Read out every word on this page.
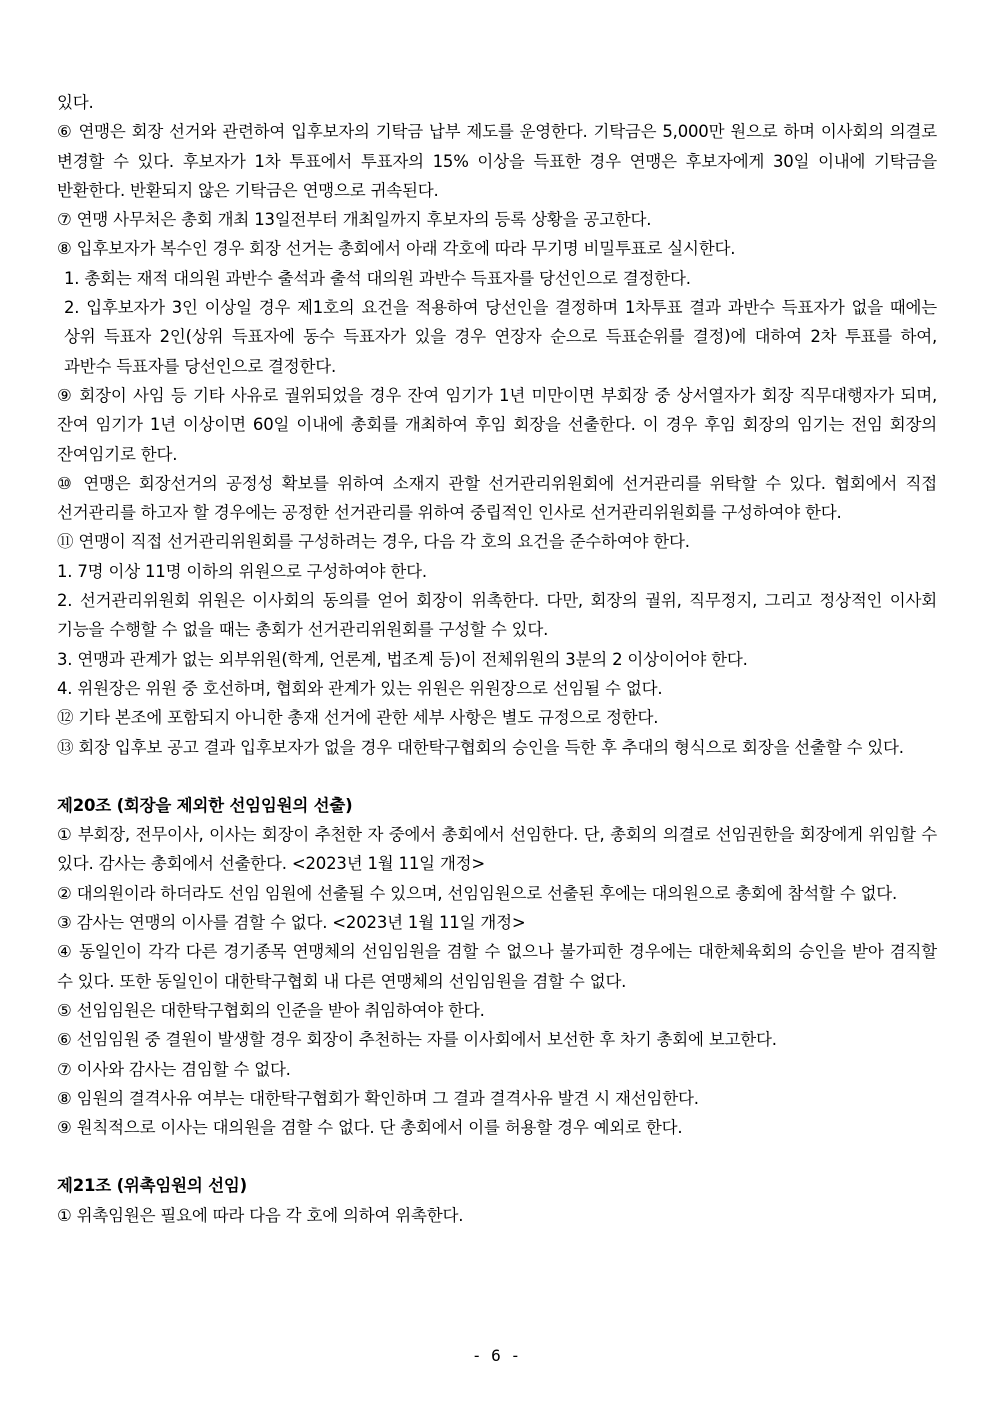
있다.

⑥ 연맹은 회장 선거와 관련하여 입후보자의 기탁금 납부 제도를 운영한다. 기탁금은 5,000만 원으로 하며 이사회의 의결로 변경할 수 있다. 후보자가 1차 투표에서 투표자의 15% 이상을 득표한 경우 연맹은 후보자에게 30일 이내에 기탁금을 반환한다. 반환되지 않은 기탁금은 연맹으로 귀속된다.

⑦ 연맹 사무처은 총회 개최 13일전부터 개최일까지 후보자의 등록 상황을 공고한다.

⑧ 입후보자가 복수인 경우 회장 선거는 총회에서 아래 각호에 따라 무기명 비밀투표로 실시한다.

1. 총회는 재적 대의원 과반수 출석과 출석 대의원 과반수 득표자를 당선인으로 결정한다.

2. 입후보자가 3인 이상일 경우 제1호의 요건을 적용하여 당선인을 결정하며 1차투표 결과 과반수 득표자가 없을 때에는 상위 득표자 2인(상위 득표자에 동수 득표자가 있을 경우 연장자 순으로 득표순위를 결정)에 대하여 2차 투표를 하여, 과반수 득표자를 당선인으로 결정한다.

⑨ 회장이 사임 등 기타 사유로 궐위되었을 경우 잔여 임기가 1년 미만이면 부회장 중 상서열자가 회장 직무대행자가 되며, 잔여 임기가 1년 이상이면 60일 이내에 총회를 개최하여 후임 회장을 선출한다. 이 경우 후임 회장의 임기는 전임 회장의 잔여임기로 한다.

⑩ 연맹은 회장선거의 공정성 확보를 위하여 소재지 관할 선거관리위원회에 선거관리를 위탁할 수 있다. 협회에서 직접 선거관리를 하고자 할 경우에는 공정한 선거관리를 위하여 중립적인 인사로 선거관리위원회를 구성하여야 한다.

⑪ 연맹이 직접 선거관리위원회를 구성하려는 경우, 다음 각 호의 요건을 준수하여야 한다.

1. 7명 이상 11명 이하의 위원으로 구성하여야 한다.

2. 선거관리위원회 위원은 이사회의 동의를 얻어 회장이 위촉한다. 다만, 회장의 궐위, 직무정지, 그리고 정상적인 이사회 기능을 수행할 수 없을 때는 총회가 선거관리위원회를 구성할 수 있다.

3. 연맹과 관계가 없는 외부위원(학계, 언론계, 법조계 등)이 전체위원의 3분의 2 이상이어야 한다.

4. 위원장은 위원 중 호선하며, 협회와 관계가 있는 위원은 위원장으로 선임될 수 없다.

⑫ 기타 본조에 포함되지 아니한 총재 선거에 관한 세부 사항은 별도 규정으로 정한다.

⑬ 회장 입후보 공고 결과 입후보자가 없을 경우 대한탁구협회의 승인을 득한 후 추대의 형식으로 회장을 선출할 수 있다.

제20조 (회장을 제외한 선임임원의 선출)

① 부회장, 전무이사, 이사는 회장이 추천한 자 중에서 총회에서 선임한다. 단, 총회의 의결로 선임권한을 회장에게 위임할 수 있다. 감사는 총회에서 선출한다. <2023년 1월 11일 개정>

② 대의원이라 하더라도 선임 임원에 선출될 수 있으며, 선임임원으로 선출된 후에는 대의원으로 총회에 참석할 수 없다.

③ 감사는 연맹의 이사를 겸할 수 없다. <2023년 1월 11일 개정>

④ 동일인이 각각 다른 경기종목 연맹체의 선임임원을 겸할 수 없으나 불가피한 경우에는 대한체육회의 승인을 받아 겸직할 수 있다. 또한 동일인이 대한탁구협회 내 다른 연맹체의 선임임원을 겸할 수 없다.

⑤ 선임임원은 대한탁구협회의 인준을 받아 취임하여야 한다.

⑥ 선임임원 중 결원이 발생할 경우 회장이 추천하는 자를 이사회에서 보선한 후 차기 총회에 보고한다.

⑦ 이사와 감사는 겸임할 수 없다.

⑧ 임원의 결격사유 여부는 대한탁구협회가 확인하며 그 결과 결격사유 발견 시 재선임한다.

⑨ 원칙적으로 이사는 대의원을 겸할 수 없다. 단 총회에서 이를 허용할 경우 예외로 한다.

제21조 (위촉임원의 선임)

① 위촉임원은 필요에 따라 다음 각 호에 의하여 위촉한다.

- 6 -
